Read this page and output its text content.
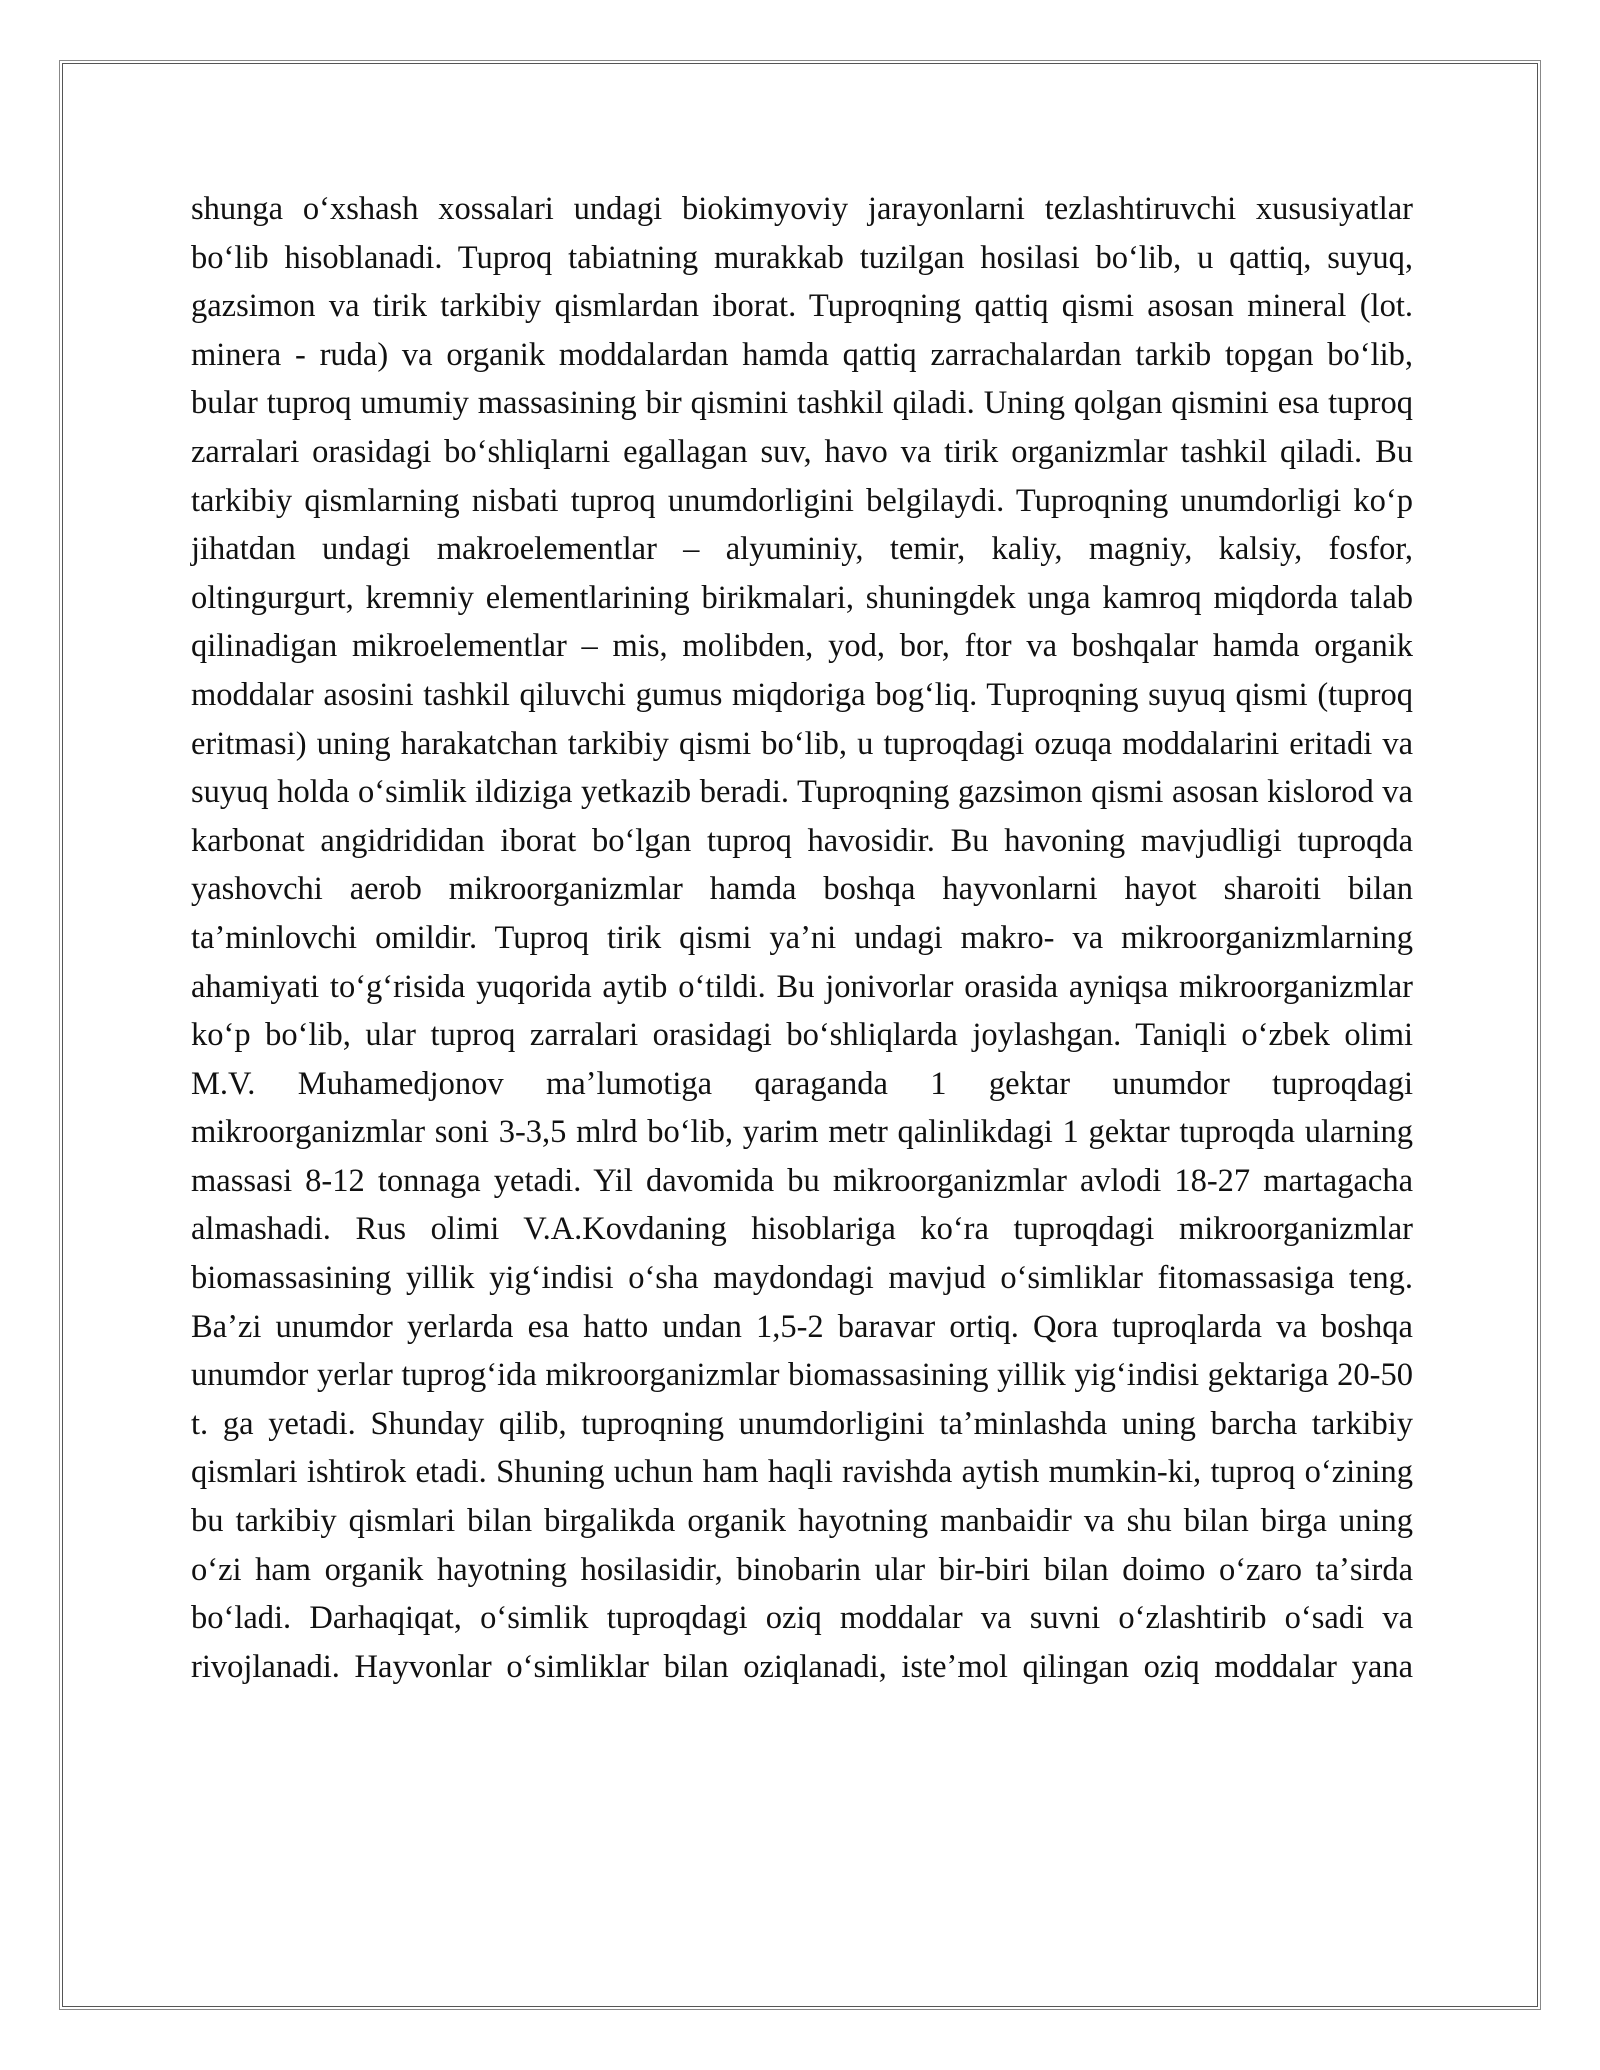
shunga oʻxshash xossalari undagi biokimyoviy jarayonlarni tezlashtiruvchi xususiyatlar boʻlib hisoblanadi. Tuproq tabiatning murakkab tuzilgan hosilasi boʻlib, u qattiq, suyuq, gazsimon va tirik tarkibiy qismlardan iborat. Tuproqning qattiq qismi asosan mineral (lot. minera - ruda) va organik moddalardan hamda qattiq zarrachalardan tarkib topgan boʻlib, bular tuproq umumiy massasining bir qismini tashkil qiladi. Uning qolgan qismini esa tuproq zarralari orasidagi boʻshliqlarni egallagan suv, havo va tirik organizmlar tashkil qiladi. Bu tarkibiy qismlarning nisbati tuproq unumdorligini belgilaydi. Tuproqning unumdorligi koʻp jihatdan undagi makroelementlar – alyuminiy, temir, kaliy, magniy, kalsiy, fosfor, oltingurgurt, kremniy elementlarining birikmalari, shuningdek unga kamroq miqdorda talab qilinadigan mikroelementlar – mis, molibden, yod, bor, ftor va boshqalar hamda organik moddalar asosini tashkil qiluvchi gumus miqdoriga bogʻliq. Tuproqning suyuq qismi (tuproq eritmasi) uning harakatchan tarkibiy qismi boʻlib, u tuproqdagi ozuqa moddalarini eritadi va suyuq holda oʻsimlik ildiziga yetkazib beradi. Tuproqning gazsimon qismi asosan kislorod va karbonat angidrididan iborat boʻlgan tuproq havosidir. Bu havoning mavjudligi tuproqda yashovchi aerob mikroorganizmlar hamda boshqa hayvonlarni hayot sharoiti bilan taʼminlovchi omildir. Tuproq tirik qismi yaʼni undagi makro- va mikroorganizmlarning ahamiyati toʻgʻrisida yuqorida aytib oʻtildi. Bu jonivorlar orasida ayniqsa mikroorganizmlar koʻp boʻlib, ular tuproq zarralari orasidagi boʻshliqlarda joylashgan. Taniqli oʻzbek olimi M.V. Muhamedjonov maʼlumotiga qaraganda 1 gektar unumdor tuproqdagi mikroorganizmlar soni 3-3,5 mlrd boʻlib, yarim metr qalinlikdagi 1 gektar tuproqda ularning massasi 8-12 tonnaga yetadi. Yil davomida bu mikroorganizmlar avlodi 18-27 martagacha almashadi. Rus olimi V.A.Kovdaning hisoblariga koʻra tuproqdagi mikroorganizmlar biomassasining yillik yigʻindisi oʻsha maydondagi mavjud oʻsimliklar fitomassasiga teng. Baʼzi unumdor yerlarda esa hatto undan 1,5-2 baravar ortiq. Qora tuproqlarda va boshqa unumdor yerlar tuprogʻida mikroorganizmlar biomassasining yillik yigʻindisi gektariga 20-50 t. ga yetadi. Shunday qilib, tuproqning unumdorligini taʼminlashda uning barcha tarkibiy qismlari ishtirok etadi. Shuning uchun ham haqli ravishda aytish mumkin-ki, tuproq oʻzining bu tarkibiy qismlari bilan birgalikda organik hayotning manbaidir va shu bilan birga uning oʻzi ham organik hayotning hosilasidir, binobarin ular bir-biri bilan doimo oʻzaro taʼsirda boʻladi. Darhaqiqat, oʻsimlik tuproqdagi oziq moddalar va suvni oʻzlashtirib oʻsadi va rivojlanadi. Hayvonlar oʻsimliklar bilan oziqlanadi, isteʼmol qilingan oziq moddalar yana
